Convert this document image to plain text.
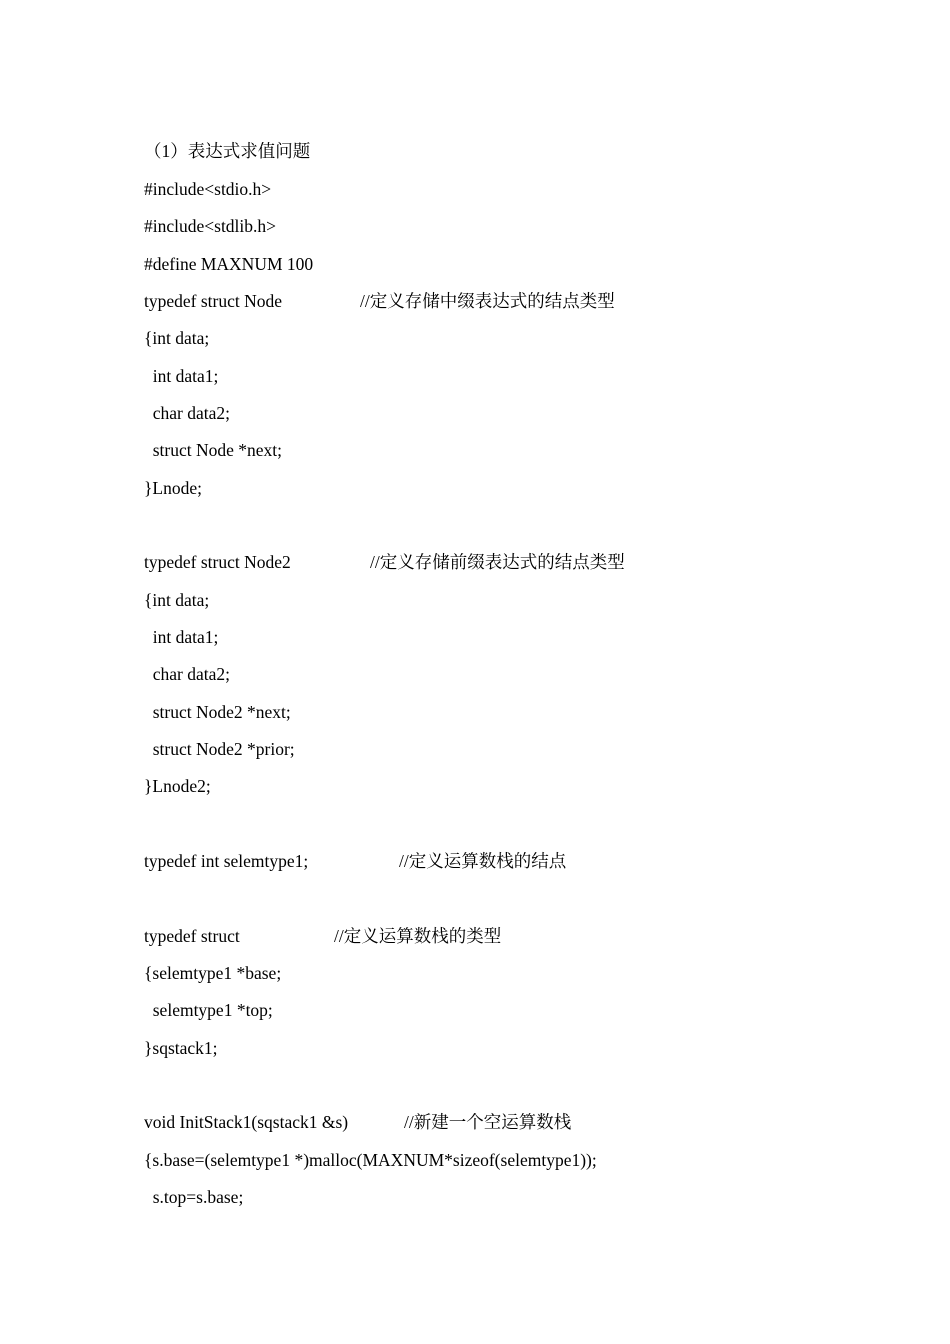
（1）表达式求值问题

#include<stdio.h>

#include<stdlib.h>

#define MAXNUM 100

typedef struct Node

	//定义存储中缀表达式的结点类型

{int data;

int data1;

char data2;

struct Node *next;

}Lnode;

typedef struct Node2

	//定义存储前缀表达式的结点类型

{int data;

int data1;

char data2;

struct Node2 *next;

struct Node2 *prior;

}Lnode2;

typedef int selemtype1;

	//定义运算数栈的结点

typedef struct

	//定义运算数栈的类型

{selemtype1 *base;

selemtype1 *top;

}sqstack1;

void InitStack1(sqstack1 &s)

	//新建一个空运算数栈

{s.base=(selemtype1 *)malloc(MAXNUM*sizeof(selemtype1));

s.top=s.base;
